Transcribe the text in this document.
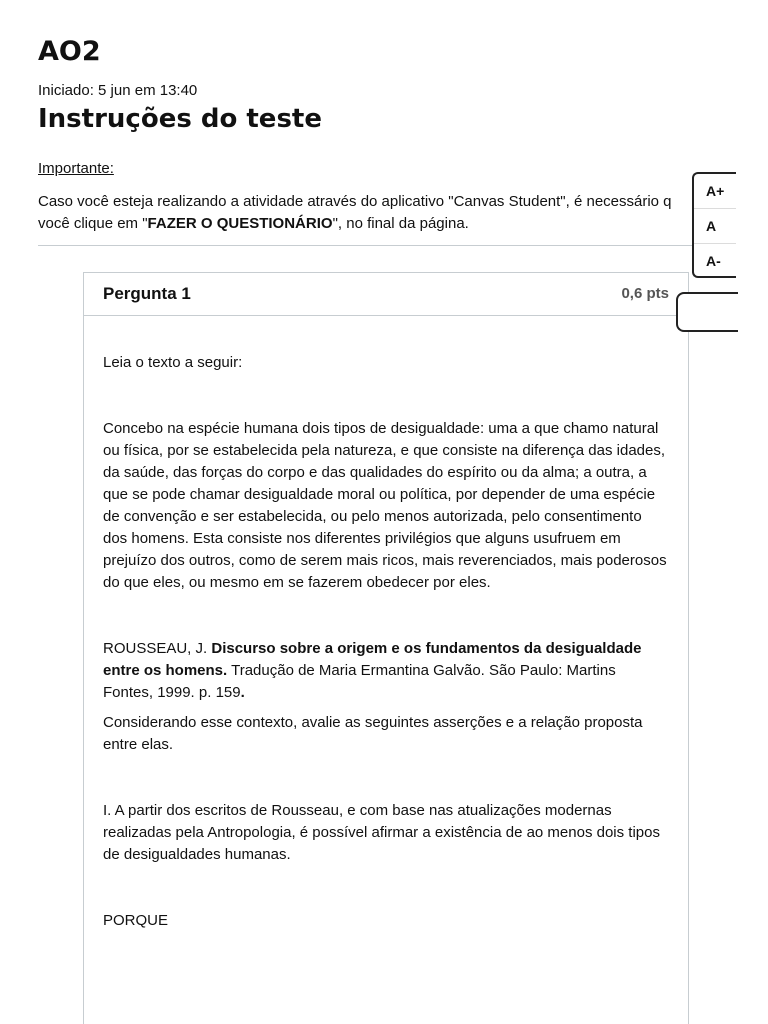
AO2
Iniciado: 5 jun em 13:40
Instruções do teste
Importante:
Caso você esteja realizando a atividade através do aplicativo "Canvas Student", é necessário q
você clique em "FAZER O QUESTIONÁRIO", no final da página.
Pergunta 1	0,6 pts

Leia o texto a seguir:

Concebo na espécie humana dois tipos de desigualdade: uma a que chamo natural ou física, por se estabelecida pela natureza, e que consiste na diferença das idades, da saúde, das forças do corpo e das qualidades do espírito ou da alma; a outra, a que se pode chamar desigualdade moral ou política, por depender de uma espécie de convenção e ser estabelecida, ou pelo menos autorizada, pelo consentimento dos homens. Esta consiste nos diferentes privilégios que alguns usufruem em prejuízo dos outros, como de serem mais ricos, mais reverenciados, mais poderosos do que eles, ou mesmo em se fazerem obedecer por eles.

ROUSSEAU, J. Discurso sobre a origem e os fundamentos da desigualdade entre os homens. Tradução de Maria Ermantina Galvão. São Paulo: Martins Fontes, 1999. p. 159.

Considerando esse contexto, avalie as seguintes asserções e a relação proposta entre elas.

I. A partir dos escritos de Rousseau, e com base nas atualizações modernas realizadas pela Antropologia, é possível afirmar a existência de ao menos dois tipos de desigualdades humanas.

PORQUE

A+
A
A-
